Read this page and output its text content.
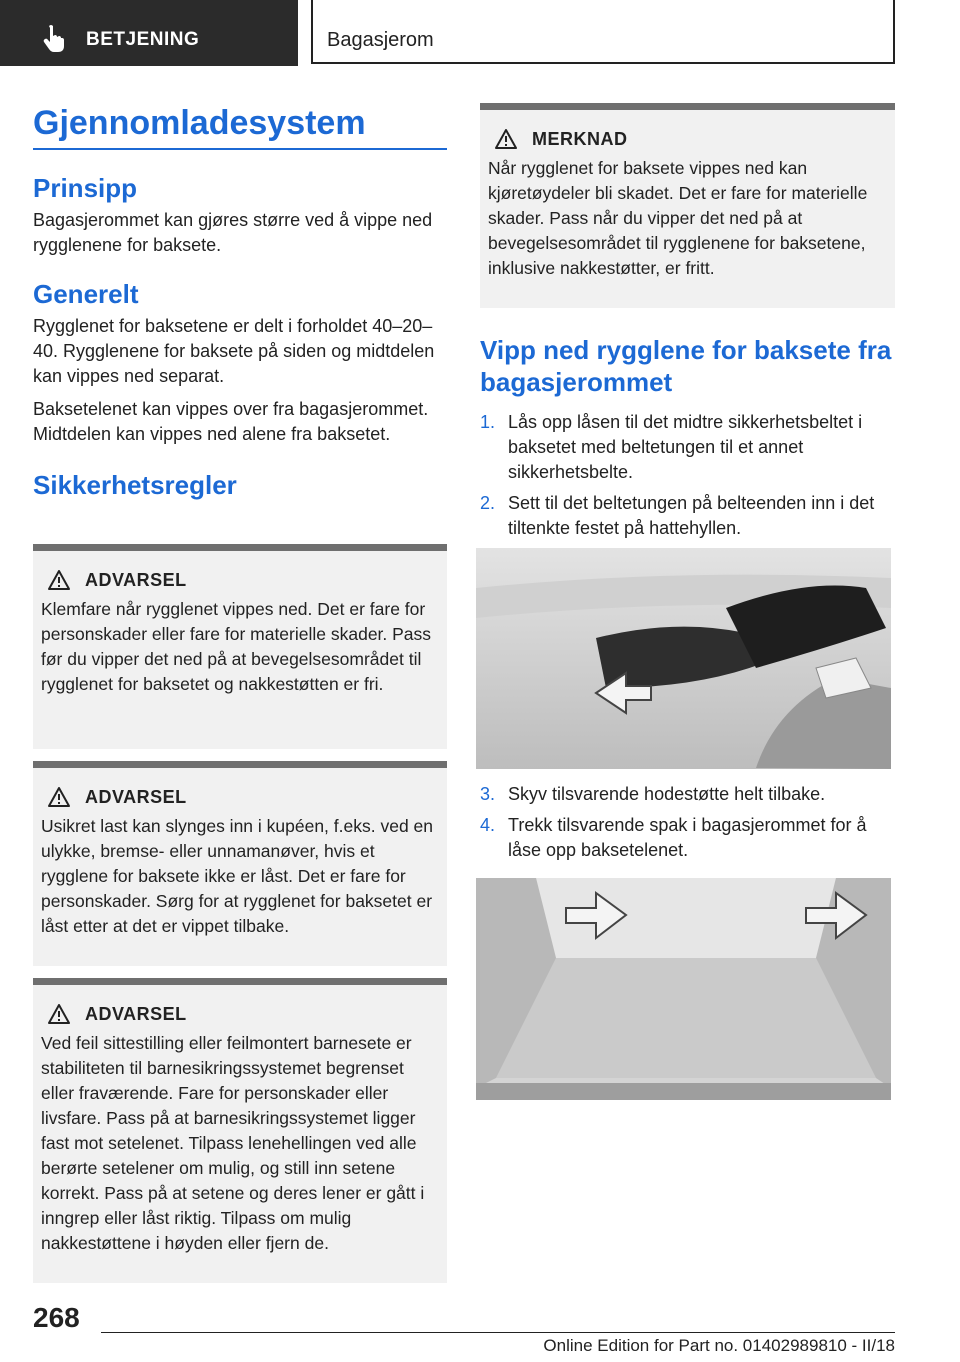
BETJENING	Bagasjerom
Gjennomladesystem
Prinsipp

Bagasjerommet kan gjøres større ved å vippe ned rygglenene for baksete.

Generelt

Rygglenet for baksetene er delt i forholdet 40–20–40. Rygglenene for baksete på siden og midtdelen kan vippes ned separat.

Baksetelenet kan vippes over fra bagasjerommet. Midtdelen kan vippes ned alene fra baksetet.

Sikkerhetsregler
ADVARSEL

Klemfare når rygglenet vippes ned. Det er fare for personskader eller fare for materielle skader. Pass før du vipper det ned på at bevegelsesområdet til rygglenet for baksetet og nakkestøtten er fri.

ADVARSEL

Usikret last kan slynges inn i kupéen, f.eks. ved en ulykke, bremse- eller unnamanøver, hvis et rygglene for baksete ikke er låst. Det er fare for personskader. Sørg for at rygglenet for baksetet er låst etter at det er vippet tilbake.

ADVARSEL

Ved feil sittestilling eller feilmontert barnesete er stabiliteten til barnesikringssystemet begrenset eller fraværende. Fare for personskader eller livsfare. Pass på at barnesikringssystemet ligger fast mot setelenet. Tilpass lenehellingen ved alle berørte setelener om mulig, og still inn setene korrekt. Pass på at setene og deres lener er gått i inngrep eller låst riktig. Tilpass om mulig nakkestøttene i høyden eller fjern de.

MERKNAD

Når rygglenet for baksete vippes ned kan kjøretøydeler bli skadet. Det er fare for materielle skader. Pass når du vipper det ned på at bevegelsesområdet til rygglenene for baksetene, inklusive nakkestøtter, er fritt.

Vipp ned rygglene for baksete fra bagasjerommet
1. Lås opp låsen til det midtre sikkerhetsbeltet i baksetet med beltetungen til et annet sikkerhetsbelte.
2. Sett til det beltetungen på belteenden inn i det tiltenkte festet på hattehyllen.
3. Skyv tilsvarende hodestøtte helt tilbake.
4. Trekk tilsvarende spak i bagasjerommet for å låse opp baksetelenet.
268
Online Edition for Part no. 01402989810 - II/18
